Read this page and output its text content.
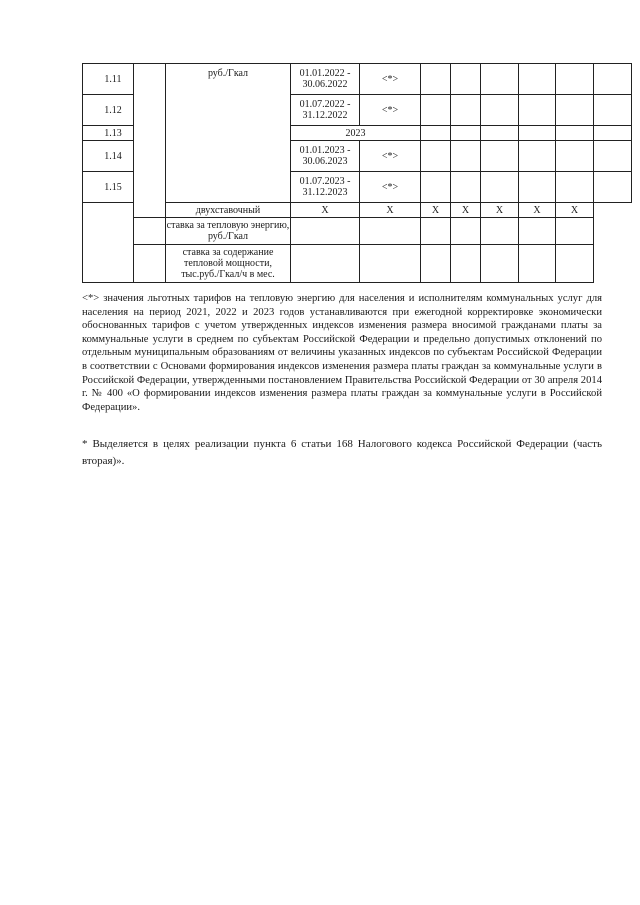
1.11		руб./Гкал	01.01.2022 - 30.06.2022	<*>						
1.12			01.07.2022 - 31.12.2022	<*>						
1.13			2023							
1.14			01.01.2023 - 30.06.2023	<*>						
1.15			01.07.2023 - 31.12.2023	<*>						
		двухставочный	Х	Х	Х	Х	Х	Х	Х	
		ставка за тепловую энергию, руб./Гкал								
		ставка за содержание тепловой мощности, тыс.руб./Гкал/ч в мес.								

<*> значения льготных тарифов на тепловую энергию для населения и исполнителям коммунальных услуг для населения на период 2021, 2022 и 2023 годов устанавливаются при ежегодной корректировке экономически обоснованных тарифов с учетом утвержденных индексов изменения размера вносимой гражданами платы за коммунальные услуги в среднем по субъектам Российской Федерации и предельно допустимых отклонений по отдельным муниципальным образованиям от величины указанных индексов по субъектам Российской Федерации в соответствии с Основами формирования индексов изменения размера платы граждан за коммунальные услуги в Российской Федерации, утвержденными постановлением Правительства Российской Федерации от 30 апреля 2014 г. № 400 «О формировании индексов изменения размера платы граждан за коммунальные услуги в Российской Федерации».

* Выделяется в целях реализации пункта 6 статьи 168 Налогового кодекса Российской Федерации (часть вторая)».
